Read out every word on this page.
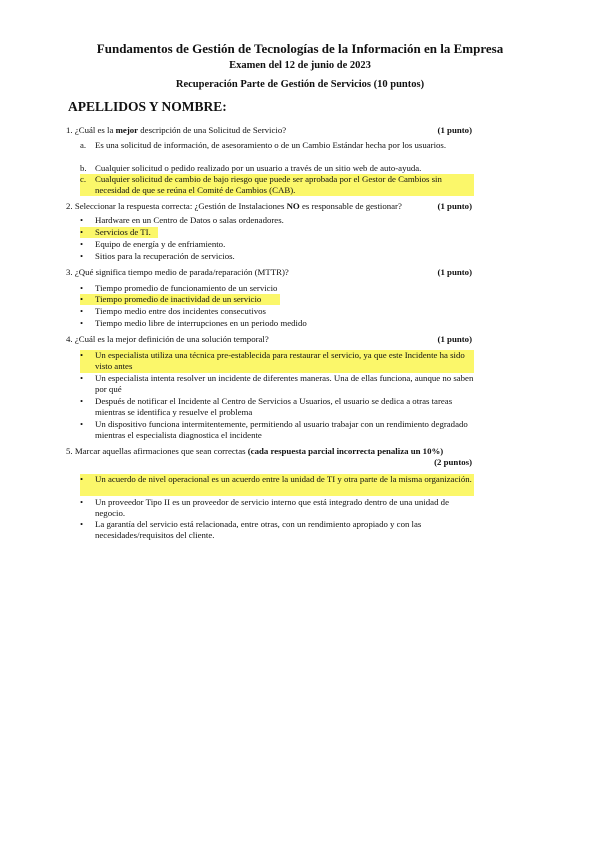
Fundamentos de Gestión de Tecnologías de la Información en la Empresa
Examen del 12 de junio de 2023
Recuperación Parte de Gestión de Servicios (10 puntos)
APELLIDOS Y NOMBRE:
1. ¿Cuál es la mejor descripción de una Solicitud de Servicio?	(1 punto)
a.	Es una solicitud de información, de asesoramiento o de un Cambio Estándar hecha por los usuarios.
b. Cualquier solicitud o pedido realizado por un usuario a través de un sitio web de auto-ayuda.
c.	Cualquier solicitud de cambio de bajo riesgo que puede ser aprobada por el Gestor de Cambios sin necesidad de que se reúna el Comité de Cambios (CAB).
2. Seleccionar la respuesta correcta: ¿Gestión de Instalaciones NO es responsable de gestionar?	(1 punto)
•	Hardware en un Centro de Datos o salas ordenadores.
•	Servicios de TI.
•	Equipo de energía y de enfriamiento.
•	Sitios para la recuperación de servicios.
3. ¿Qué significa tiempo medio de parada/reparación (MTTR)?	(1 punto)
•	Tiempo promedio de funcionamiento de un servicio
•	Tiempo promedio de inactividad de un servicio
•	Tiempo medio entre dos incidentes consecutivos
•	Tiempo medio libre de interrupciones en un periodo medido
4. ¿Cuál es la mejor definición de una solución temporal?	(1 punto)
•	Un especialista utiliza una técnica pre-establecida para restaurar el servicio, ya que este Incidente ha sido visto antes
•	Un especialista intenta resolver un incidente de diferentes maneras. Una de ellas funciona, aunque no saben por qué
•	Después de notificar el Incidente al Centro de Servicios a Usuarios, el usuario se dedica a otras tareas mientras se identifica y resuelve el problema
•	Un dispositivo funciona intermitentemente, permitiendo al usuario trabajar con un rendimiento degradado mientras el especialista diagnostica el incidente
5. Marcar aquellas afirmaciones que sean correctas (cada respuesta parcial incorrecta penaliza un 10%)
(2 puntos)
•	Un acuerdo de nivel operacional es un acuerdo entre la unidad de TI y otra parte de la misma organización.
•	Un proveedor Tipo II es un proveedor de servicio interno que está integrado dentro de una unidad de negocio.
•	La garantía del servicio está relacionada, entre otras, con un rendimiento apropiado y con las necesidades/requisitos del cliente.
